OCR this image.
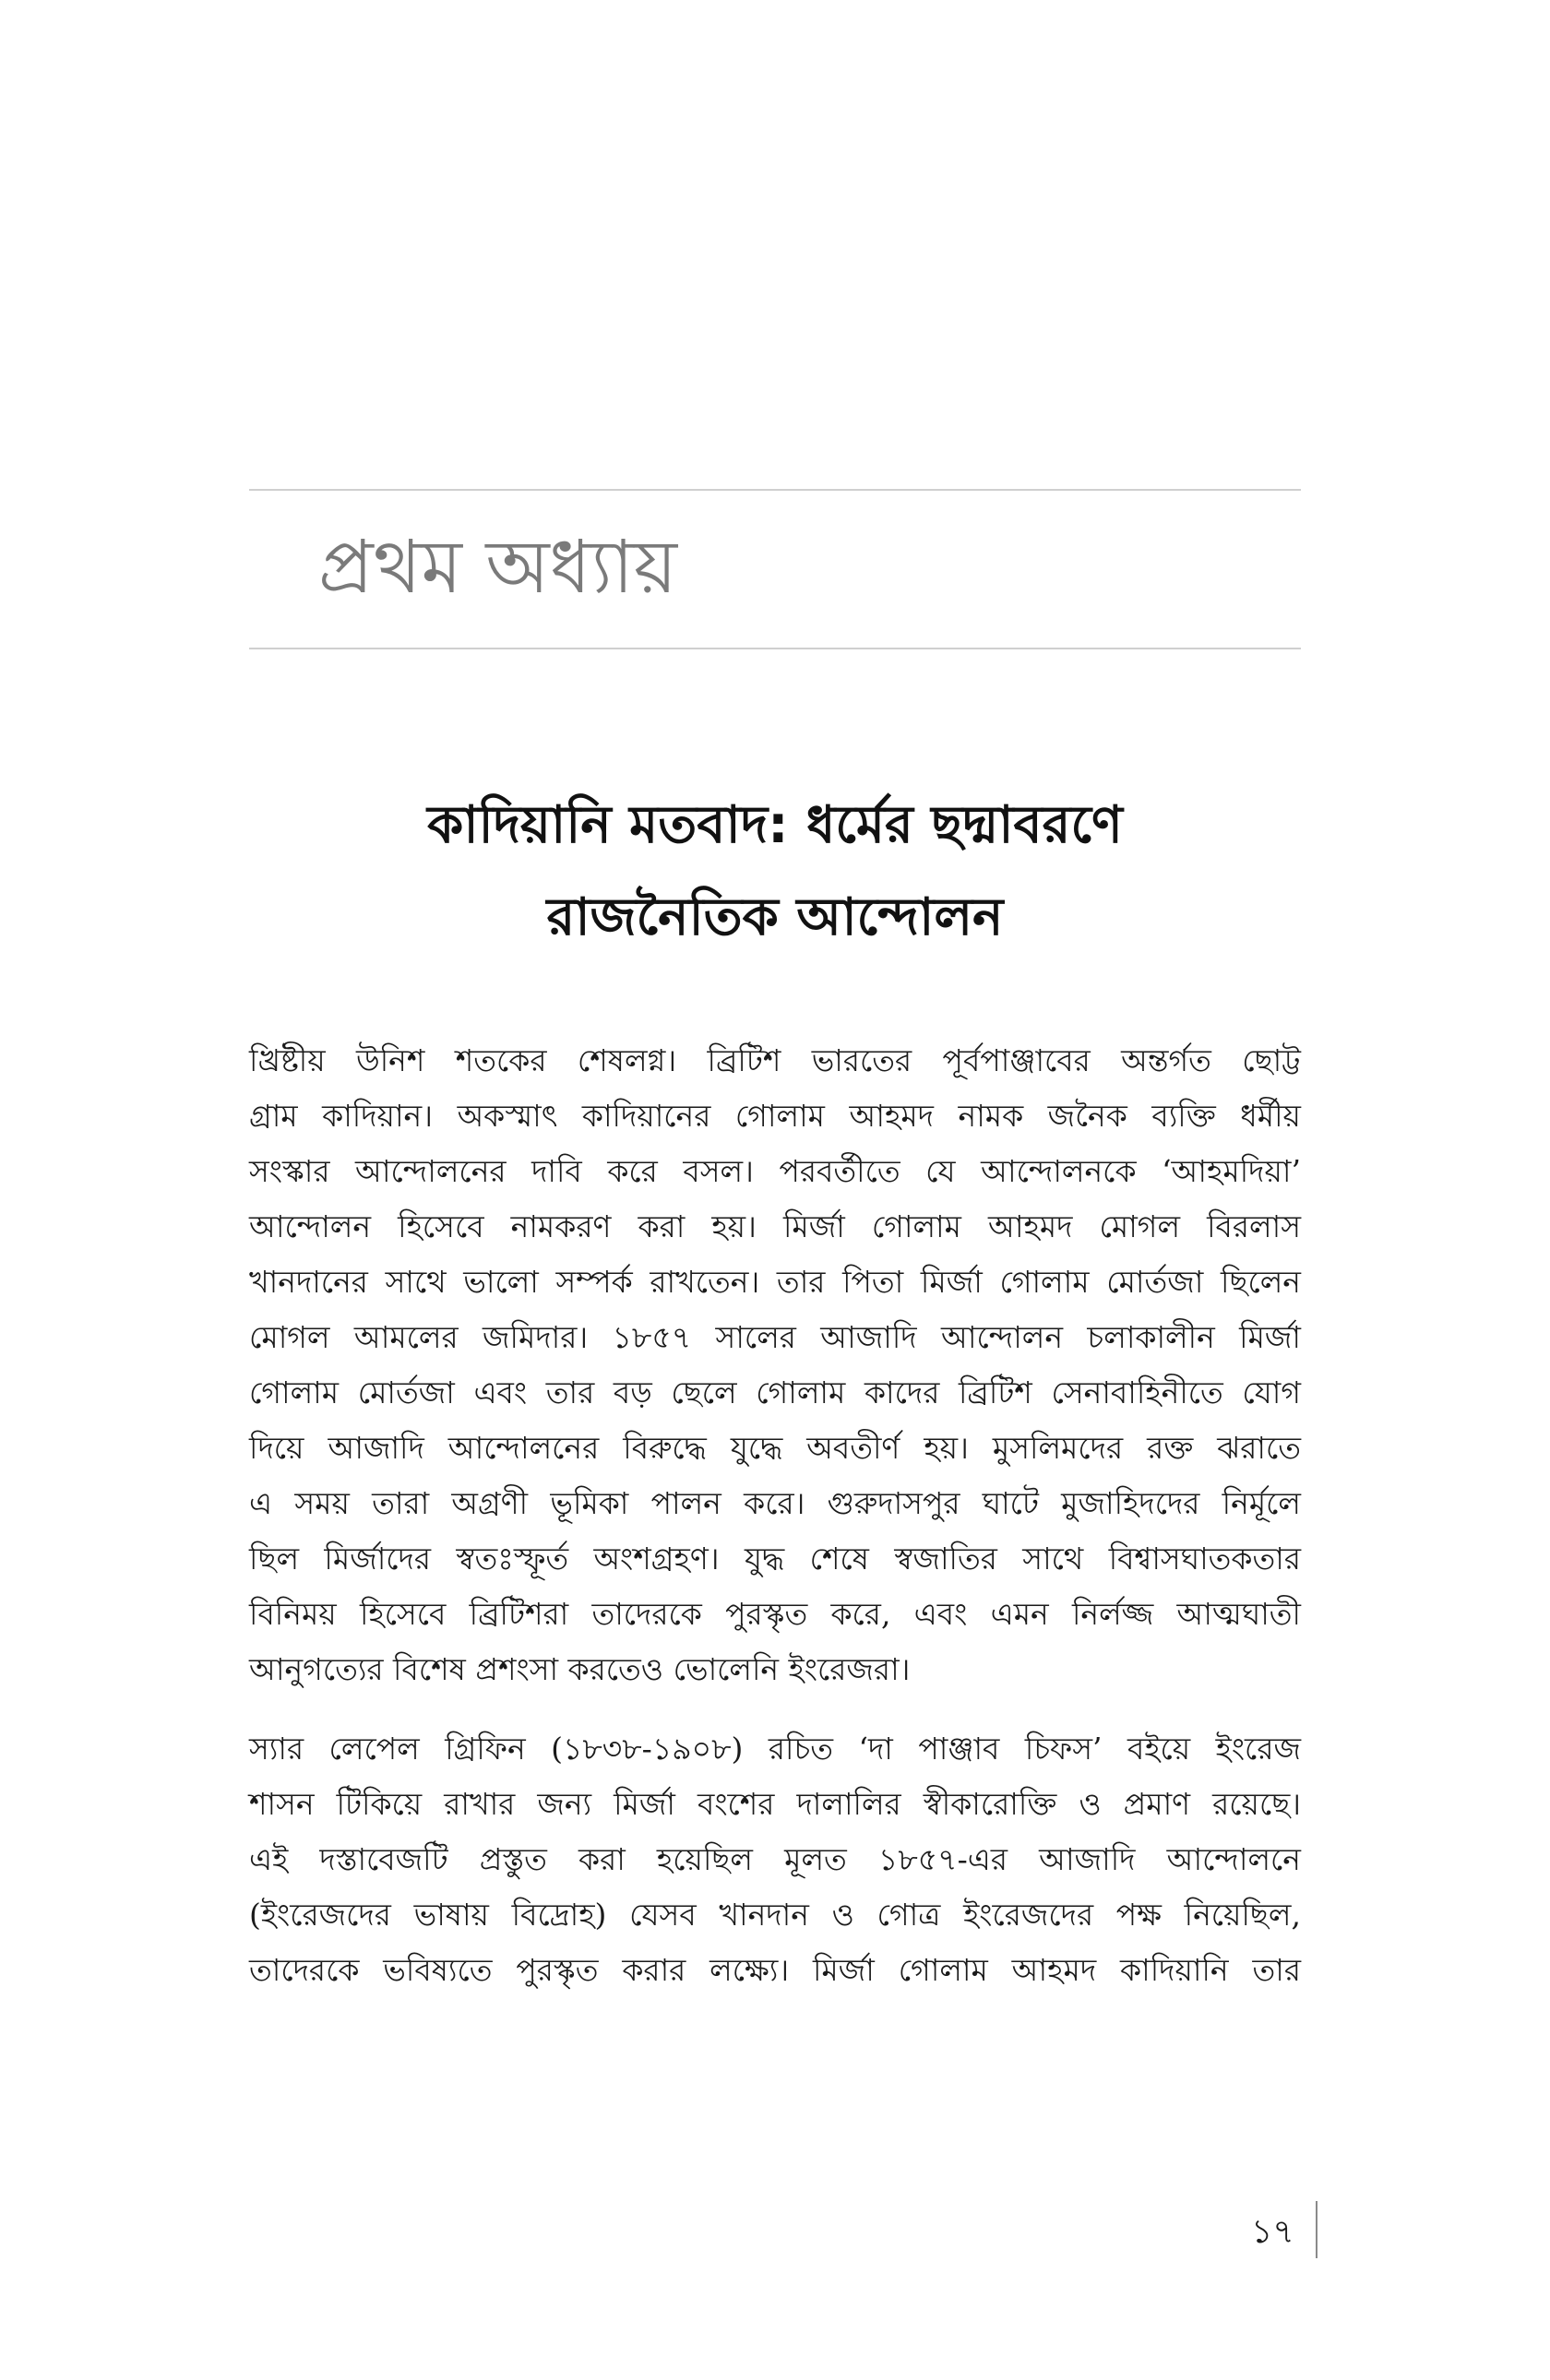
প্রথম অধ্যায়
কাদিয়ানি মতবাদ: ধর্মের ছদ্মাবরণে
রাজনৈতিক আন্দোলন
খ্রিষ্টীয় উনিশ শতকের শেষলগ্ন। ব্রিটিশ ভারতের পূর্বপাঞ্জাবের অন্তর্গত ছোট্ট
গ্রাম কাদিয়ান। অকস্মাৎ কাদিয়ানের গোলাম আহমদ নামক জনৈক ব্যক্তি ধর্মীয়
সংস্কার আন্দোলনের দাবি করে বসল। পরবর্তীতে যে আন্দোলনকে ‘আহমদিয়া’
আন্দোলন হিসেবে নামকরণ করা হয়। মির্জা গোলাম আহমদ মোগল বিরলাস
খানদানের সাথে ভালো সম্পর্ক রাখতেন। তার পিতা মির্জা গোলাম মোর্তজা ছিলেন
মোগল আমলের জমিদার। ১৮৫৭ সালের আজাদি আন্দোলন চলাকালীন মির্জা
গোলাম মোর্তজা এবং তার বড় ছেলে গোলাম কাদের ব্রিটিশ সেনাবাহিনীতে যোগ
দিয়ে আজাদি আন্দোলনের বিরুদ্ধে যুদ্ধে অবতীর্ণ হয়। মুসলিমদের রক্ত ঝরাতে
এ সময় তারা অগ্রণী ভূমিকা পালন করে। গুরুদাসপুর ঘাটে মুজাহিদদের নির্মূলে
ছিল মির্জাদের স্বতঃস্ফূর্ত অংশগ্রহণ। যুদ্ধ শেষে স্বজাতির সাথে বিশ্বাসঘাতকতার
বিনিময় হিসেবে ব্রিটিশরা তাদেরকে পুরস্কৃত করে, এবং এমন নির্লজ্জ আত্মঘাতী
আনুগত্যের বিশেষ প্রশংসা করতেও ভোলেনি ইংরেজরা।
স্যার লেপেল গ্রিফিন (১৮৩৮-১৯০৮) রচিত ‘দা পাঞ্জাব চিফস’ বইয়ে ইংরেজ
শাসন টিকিয়ে রাখার জন্য মির্জা বংশের দালালির স্বীকারোক্তি ও প্রমাণ রয়েছে।
এই দস্তাবেজটি প্রস্তুত করা হয়েছিল মূলত ১৮৫৭-এর আজাদি আন্দোলনে
(ইংরেজদের ভাষায় বিদ্রোহ) যেসব খানদান ও গোত্র ইংরেজদের পক্ষ নিয়েছিল,
তাদেরকে ভবিষ্যতে পুরস্কৃত করার লক্ষ্যে। মির্জা গোলাম আহমদ কাদিয়ানি তার
১৭
